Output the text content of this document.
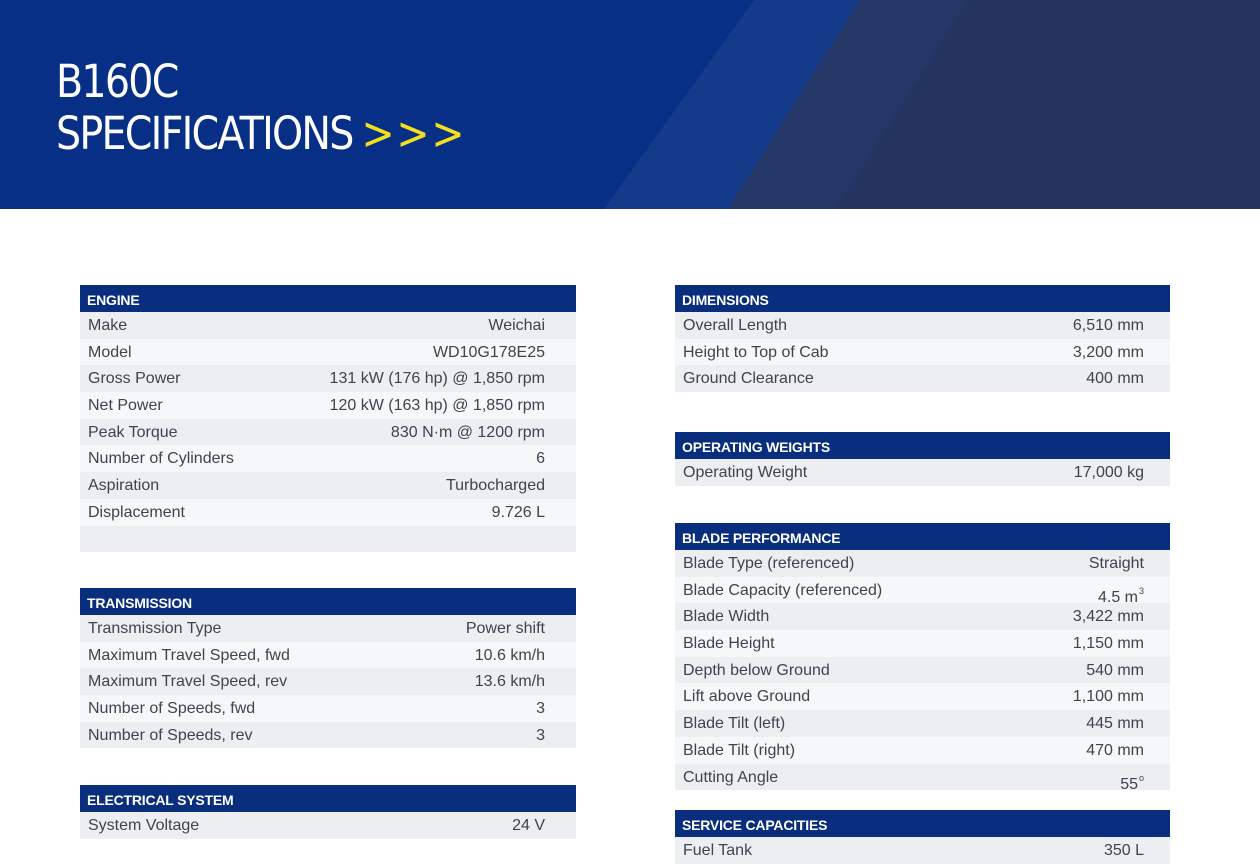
B160C
SPECIFICATIONS >>>
ENGINE
Make	Weichai
Model	WD10G178E25
Gross Power	131 kW (176 hp) @ 1,850 rpm
Net Power	120 kW (163 hp) @ 1,850 rpm
Peak Torque	830 N·m @ 1200 rpm
Number of Cylinders	6
Aspiration	Turbocharged
Displacement	9.726 L
TRANSMISSION
Transmission Type	Power shift
Maximum Travel Speed, fwd	10.6 km/h
Maximum Travel Speed, rev	13.6 km/h
Number of Speeds, fwd	3
Number of Speeds, rev	3
ELECTRICAL SYSTEM
System Voltage	24 V
DIMENSIONS
Overall Length	6,510 mm
Height to Top of Cab	3,200 mm
Ground Clearance	400 mm
OPERATING WEIGHTS
Operating Weight	17,000 kg
BLADE PERFORMANCE
Blade Type (referenced)	Straight
Blade Capacity (referenced)	4.5 $m^3$
Blade Width	3,422 mm
Blade Height	1,150 mm
Depth below Ground	540 mm
Lift above Ground	1,100 mm
Blade Tilt (left)	445 mm
Blade Tilt (right)	470 mm
Cutting Angle	55$^o$
SERVICE CAPACITIES
Fuel Tank	350 L
